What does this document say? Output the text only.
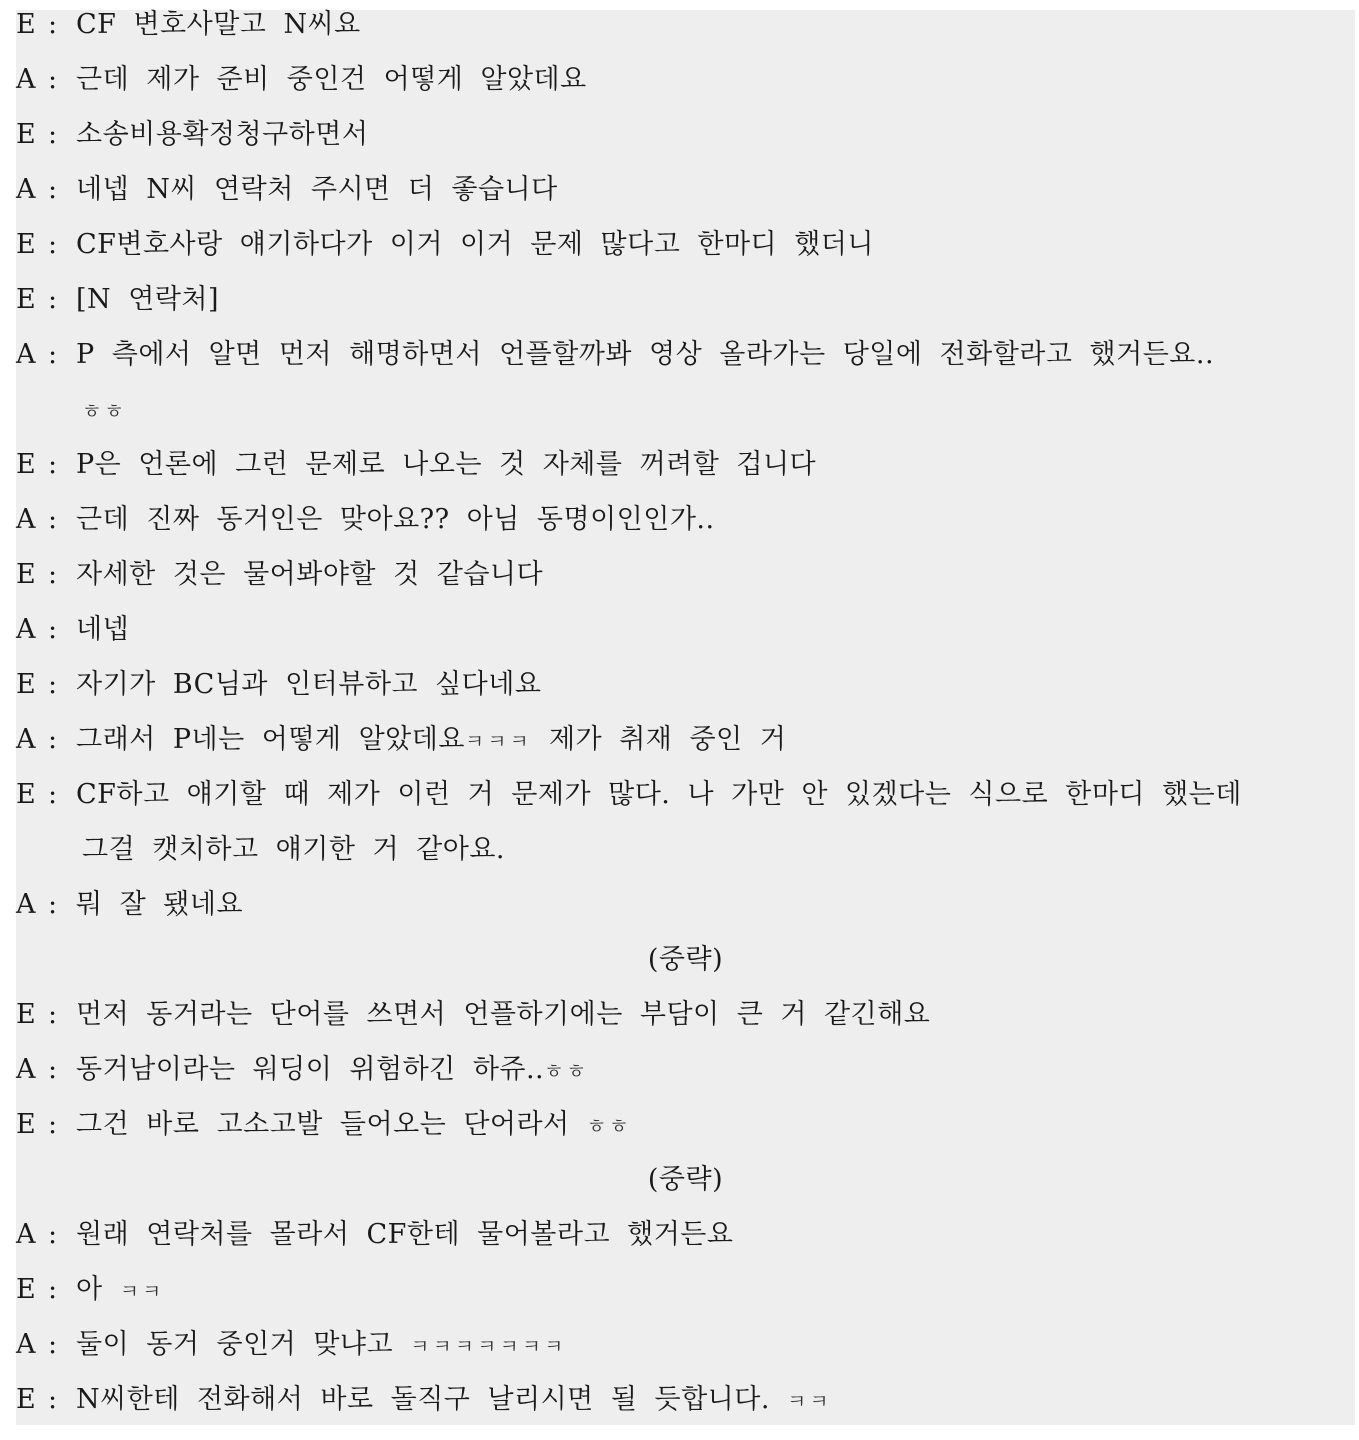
E : CF 변호사말고 N씨요
A : 근데 제가 준비 중인건 어떻게 알았데요
E : 소송비용확정청구하면서
A : 네넵 N씨 연락처 주시면 더 좋습니다
E : CF변호사랑 얘기하다가 이거 이거 문제 많다고 한마디 했더니
E : [N 연락처]
A : P 측에서 알면 먼저 해명하면서 언플할까봐 영상 올라가는 당일에 전화할라고 했거든요..
ㅎㅎ
E : P은 언론에 그런 문제로 나오는 것 자체를 꺼려할 겁니다
A : 근데 진짜 동거인은 맞아요?? 아님 동명이인인가..
E : 자세한 것은 물어봐야할 것 같습니다
A : 네넵
E : 자기가 BC님과 인터뷰하고 싶다네요
A : 그래서 P네는 어떻게 알았데요ㅋㅋㅋ 제가 취재 중인 거
E : CF하고 얘기할 때 제가 이런 거 문제가 많다. 나 가만 안 있겠다는 식으로 한마디 했는데
그걸 캣치하고 얘기한 거 같아요.
A : 뭐 잘 됐네요
(중략)
E : 먼저 동거라는 단어를 쓰면서 언플하기에는 부담이 큰 거 같긴해요
A : 동거남이라는 워딩이 위험하긴 하쥬..ㅎㅎ
E : 그건 바로 고소고발 들어오는 단어라서 ㅎㅎ
(중략)
A : 원래 연락처를 몰라서 CF한테 물어볼라고 했거든요
E : 아 ㅋㅋ
A : 둘이 동거 중인거 맞냐고 ㅋㅋㅋㅋㅋㅋㅋ
E : N씨한테 전화해서 바로 돌직구 날리시면 될 듯합니다. ㅋㅋ
